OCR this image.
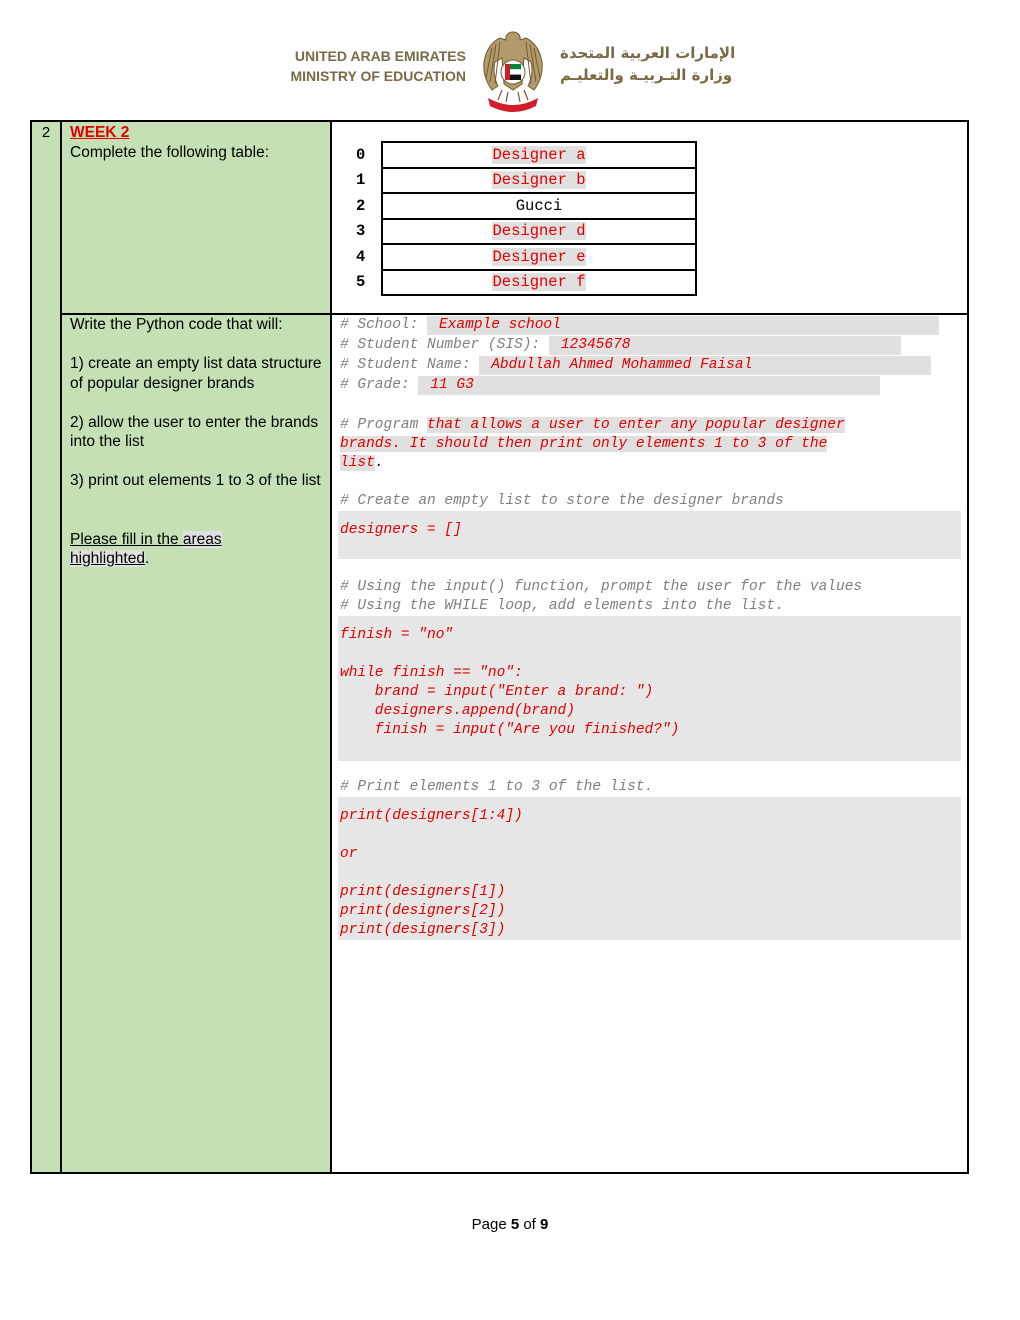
UNITED ARAB EMIRATES
MINISTRY OF EDUCATION
الإمارات العربية المتحدة
وزارة التـربيـة والتعليـم
2	WEEK 2
Complete the following table:
		0	Designer a
1	Designer b
2	Gucci
3	Designer d
4	Designer e
5	Designer f

Write the Python code that will:
1) create an empty list data structure of popular designer brands
2) allow the user to enter the brands into the list
3) print out elements 1 to 3 of the list
Please fill in the areas
highlighted.

# School: Example school
# Student Number (SIS): 12345678
# Student Name: Abdullah Ahmed Mohammed Faisal
# Grade: 11 G3
# Program that allows a user to enter any popular designer
brands. It should then print only elements 1 to 3 of the
list.
# Create an empty list to store the designer brands
designers = []
# Using the input() function, prompt the user for the values
# Using the WHILE loop, add elements into the list.
finish = "no"
while finish == "no":
brand = input("Enter a brand: ")
designers.append(brand)
finish = input("Are you finished?")
# Print elements 1 to 3 of the list.
print(designers[1:4])
or
print(designers[1])
print(designers[2])
print(designers[3])
Page 5 of 9
